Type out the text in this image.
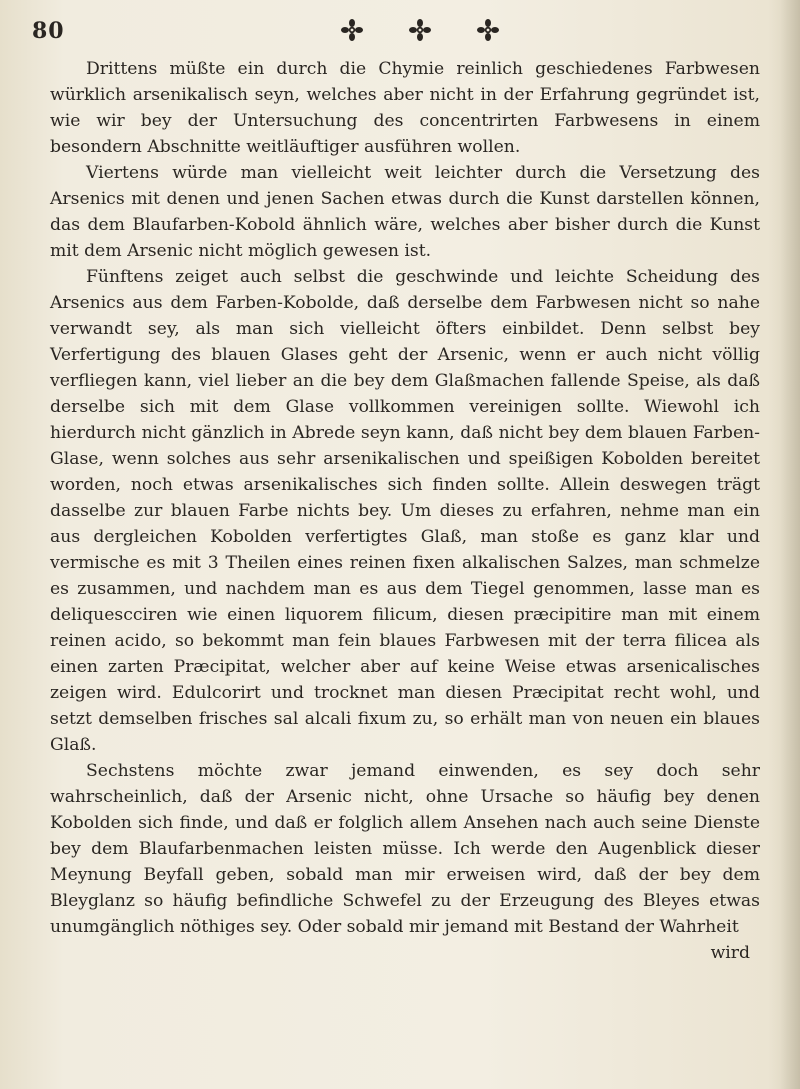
80

Drittens müßte ein durch die Chymie reinlich geschiedenes Farbwesen würklich arsenikalisch seyn, welches aber nicht in der Erfahrung gegründet ist, wie wir bey der Untersuchung des concentrirten Farbwesens in einem besondern Abschnitte weitläuftiger ausführen wollen.

Viertens würde man vielleicht weit leichter durch die Versetzung des Arsenics mit denen und jenen Sachen etwas durch die Kunst darstellen können, das dem Blaufarben-Kobold ähnlich wäre, welches aber bisher durch die Kunst mit dem Arsenic nicht möglich gewesen ist.

Fünftens zeiget auch selbst die geschwinde und leichte Scheidung des Arsenics aus dem Farben-Kobolde, daß derselbe dem Farbwesen nicht so nahe verwandt sey, als man sich vielleicht öfters einbildet. Denn selbst bey Verfertigung des blauen Glases geht der Arsenic, wenn er auch nicht völlig verfliegen kann, viel lieber an die bey dem Glaßmachen fallende Speise, als daß derselbe sich mit dem Glase vollkommen vereinigen sollte. Wiewohl ich hierdurch nicht gänzlich in Abrede seyn kann, daß nicht bey dem blauen Farben-Glase, wenn solches aus sehr arsenikalischen und speißigen Kobolden bereitet worden, noch etwas arsenikalisches sich finden sollte. Allein deswegen trägt dasselbe zur blauen Farbe nichts bey. Um dieses zu erfahren, nehme man ein aus dergleichen Kobolden verfertigtes Glaß, man stoße es ganz klar und vermische es mit 3 Theilen eines reinen fixen alkalischen Salzes, man schmelze es zusammen, und nachdem man es aus dem Tiegel genommen, lasse man es deliquescciren wie einen liquorem filicum, diesen præcipitire man mit einem reinen acido, so bekommt man fein blaues Farbwesen mit der terra filicea als einen zarten Præcipitat, welcher aber auf keine Weise etwas arsenicalisches zeigen wird. Edulcorirt und trocknet man diesen Præcipitat recht wohl, und setzt demselben frisches sal alcali fixum zu, so erhält man von neuen ein blaues Glaß.

Sechstens möchte zwar jemand einwenden, es sey doch sehr wahrscheinlich, daß der Arsenic nicht, ohne Ursache so häufig bey denen Kobolden sich finde, und daß er folglich allem Ansehen nach auch seine Dienste bey dem Blaufarbenmachen leisten müsse. Ich werde den Augenblick dieser Meynung Beyfall geben, sobald man mir erweisen wird, daß der bey dem Bleyglanz so häufig befindliche Schwefel zu der Erzeugung des Bleyes etwas unumgänglich nöthiges sey. Oder sobald mir jemand mit Bestand der Wahrheit

wird
